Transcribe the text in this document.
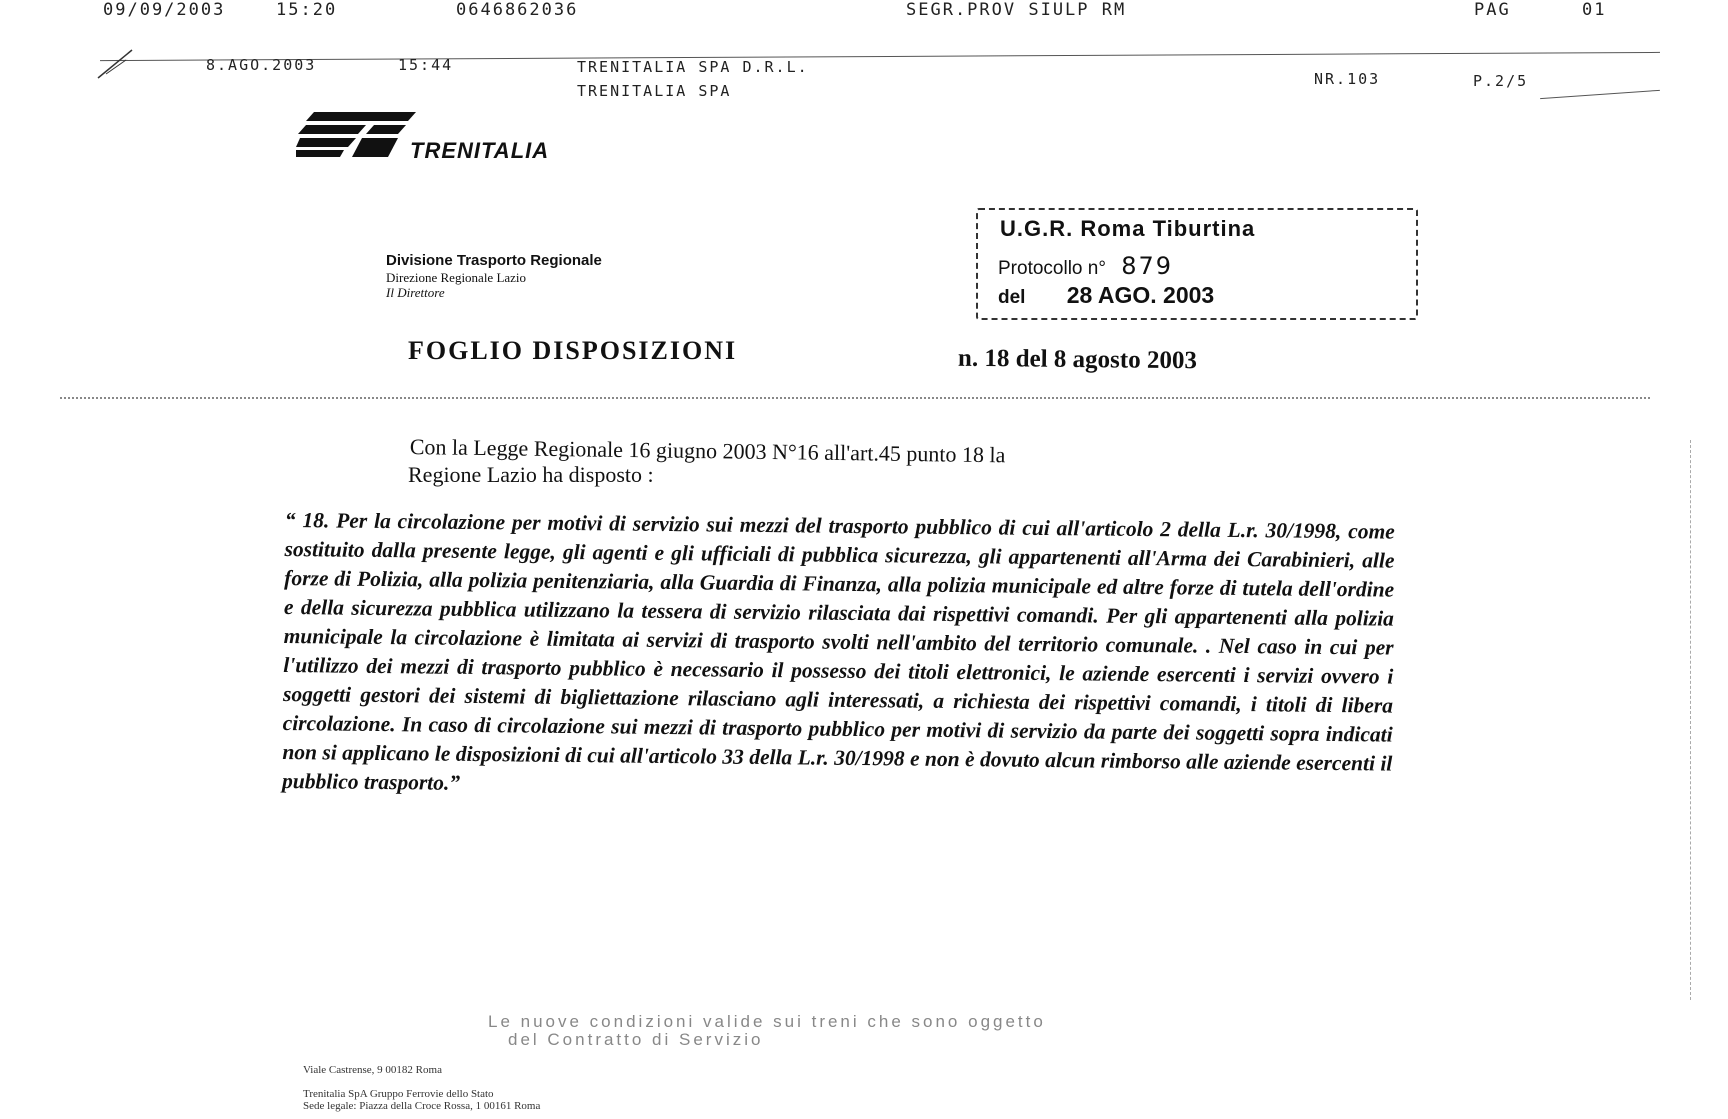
09/09/2003	15:20	0646862036	SEGR.PROV SIULP RM	PAG	01
8.AGO.2003	15:44	TRENITALIA SPA D.R.L.
TRENITALIA SPA
NR.103	P.2/5
TRENITALIA
Divisione Trasporto Regionale
Direzione Regionale Lazio
Il Direttore
U.G.R. Roma Tiburtina
Protocollo n° 879
del 28 AGO. 2003
FOGLIO DISPOSIZIONI	n. 18 del 8 agosto 2003
Con la Legge Regionale 16 giugno 2003 N°16 all'art.45 punto 18 la
Regione Lazio ha disposto :

“ 18. Per la circolazione per motivi di servizio sui mezzi del trasporto pubblico di cui all'articolo 2 della L.r. 30/1998, come sostituito dalla presente legge, gli agenti e gli ufficiali di pubblica sicurezza, gli appartenenti all'Arma dei Carabinieri, alle forze di Polizia, alla polizia penitenziaria, alla Guardia di Finanza, alla polizia municipale ed altre forze di tutela dell'ordine e della sicurezza pubblica utilizzano la tessera di servizio rilasciata dai rispettivi comandi. Per gli appartenenti alla polizia municipale la circolazione è limitata ai servizi di trasporto svolti nell'ambito del territorio comunale. . Nel caso in cui per l'utilizzo dei mezzi di trasporto pubblico è necessario il possesso dei titoli elettronici, le aziende esercenti i servizi ovvero i soggetti gestori dei sistemi di bigliettazione rilasciano agli interessati, a richiesta dei rispettivi comandi, i titoli di libera circolazione. In caso di circolazione sui mezzi di trasporto pubblico per motivi di servizio da parte dei soggetti sopra indicati non si applicano le disposizioni di cui all'articolo 33 della L.r. 30/1998 e non è dovuto alcun rimborso alle aziende esercenti il pubblico trasporto.”

Le nuove condizioni valide sui treni che sono oggetto
del Contratto di Servizio
Viale Castrense, 9 00182 Roma
Trenitalia SpA Gruppo Ferrovie dello Stato
Sede legale: Piazza della Croce Rossa, 1 00161 Roma
